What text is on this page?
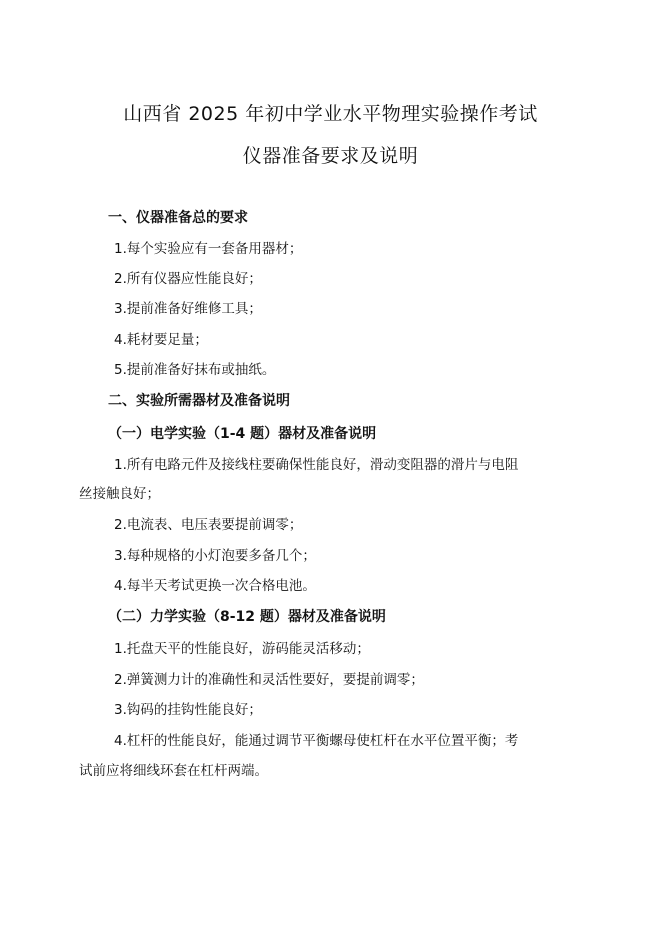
山西省 2025 年初中学业水平物理实验操作考试
仪器准备要求及说明
一、仪器准备总的要求
1.每个实验应有一套备用器材；
2.所有仪器应性能良好；
3.提前准备好维修工具；
4.耗材要足量；
5.提前准备好抹布或抽纸。
二、实验所需器材及准备说明
（一）电学实验（1-4 题）器材及准备说明
1.所有电路元件及接线柱要确保性能良好，滑动变阻器的滑片与电阻
丝接触良好；
2.电流表、电压表要提前调零；
3.每种规格的小灯泡要多备几个；
4.每半天考试更换一次合格电池。
（二）力学实验（8-12 题）器材及准备说明
1.托盘天平的性能良好，游码能灵活移动；
2.弹簧测力计的准确性和灵活性要好，要提前调零；
3.钩码的挂钩性能良好；
4.杠杆的性能良好，能通过调节平衡螺母使杠杆在水平位置平衡；考
试前应将细线环套在杠杆两端。
